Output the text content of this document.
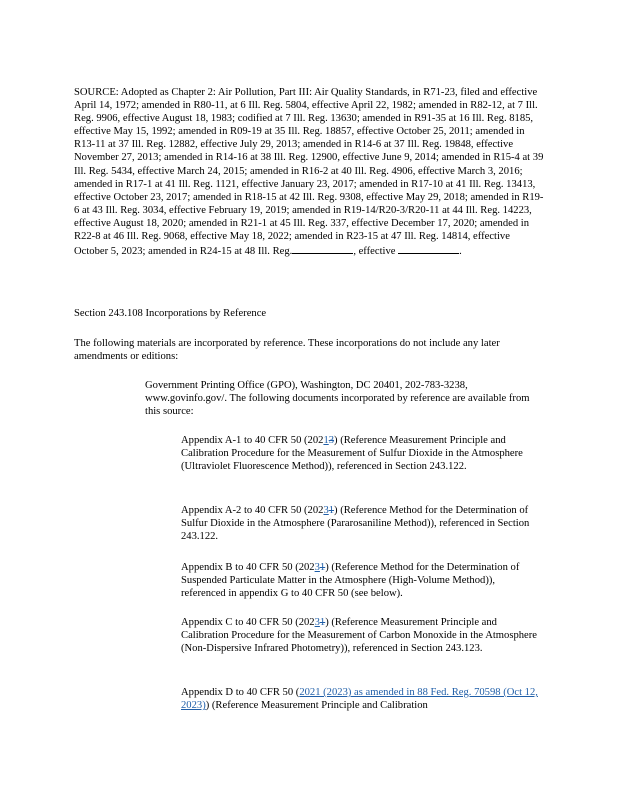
SOURCE: Adopted as Chapter 2: Air Pollution, Part III: Air Quality Standards, in R71-23, filed and effective April 14, 1972; amended in R80-11, at 6 Ill. Reg. 5804, effective April 22, 1982; amended in R82-12, at 7 Ill. Reg. 9906, effective August 18, 1983; codified at 7 Ill. Reg. 13630; amended in R91-35 at 16 Ill. Reg. 8185, effective May 15, 1992; amended in R09-19 at 35 Ill. Reg. 18857, effective October 25, 2011; amended in R13-11 at 37 Ill. Reg. 12882, effective July 29, 2013; amended in R14-6 at 37 Ill. Reg. 19848, effective November 27, 2013; amended in R14-16 at 38 Ill. Reg. 12900, effective June 9, 2014; amended in R15-4 at 39 Ill. Reg. 5434, effective March 24, 2015; amended in R16-2 at 40 Ill. Reg. 4906, effective March 3, 2016; amended in R17-1 at 41 Ill. Reg. 1121, effective January 23, 2017; amended in R17-10 at 41 Ill. Reg. 13413, effective October 23, 2017; amended in R18-15 at 42 Ill. Reg. 9308, effective May 29, 2018; amended in R19-6 at 43 Ill. Reg. 3034, effective February 19, 2019; amended in R19-14/R20-3/R20-11 at 44 Ill. Reg. 14223, effective August 18, 2020; amended in R21-1 at 45 Ill. Reg. 337, effective December 17, 2020; amended in R22-8 at 46 Ill. Reg. 9068, effective May 18, 2022; amended in R23-15 at 47 Ill. Reg. 14814, effective October 5, 2023; amended in R24-15 at 48 Ill. Reg.	, effective	.

Section 243.108 Incorporations by Reference

The following materials are incorporated by reference. These incorporations do not include any later amendments or editions:

Government Printing Office (GPO), Washington, DC 20401, 202-783-3238, www.govinfo.gov/. The following documents incorporated by reference are available from this source:

Appendix A-1 to 40 CFR 50 (20213) (Reference Measurement Principle and Calibration Procedure for the Measurement of Sulfur Dioxide in the Atmosphere (Ultraviolet Fluorescence Method)), referenced in Section 243.122.

Appendix A-2 to 40 CFR 50 (20231) (Reference Method for the Determination of Sulfur Dioxide in the Atmosphere (Pararosaniline Method)), referenced in Section 243.122.

Appendix B to 40 CFR 50 (20231) (Reference Method for the Determination of Suspended Particulate Matter in the Atmosphere (High-Volume Method)), referenced in appendix G to 40 CFR 50 (see below).

Appendix C to 40 CFR 50 (20231) (Reference Measurement Principle and Calibration Procedure for the Measurement of Carbon Monoxide in the Atmosphere (Non-Dispersive Infrared Photometry)), referenced in Section 243.123.

Appendix D to 40 CFR 50 (2021 (2023) as amended in 88 Fed. Reg. 70598 (Oct 12, 2023)) (Reference Measurement Principle and Calibration
